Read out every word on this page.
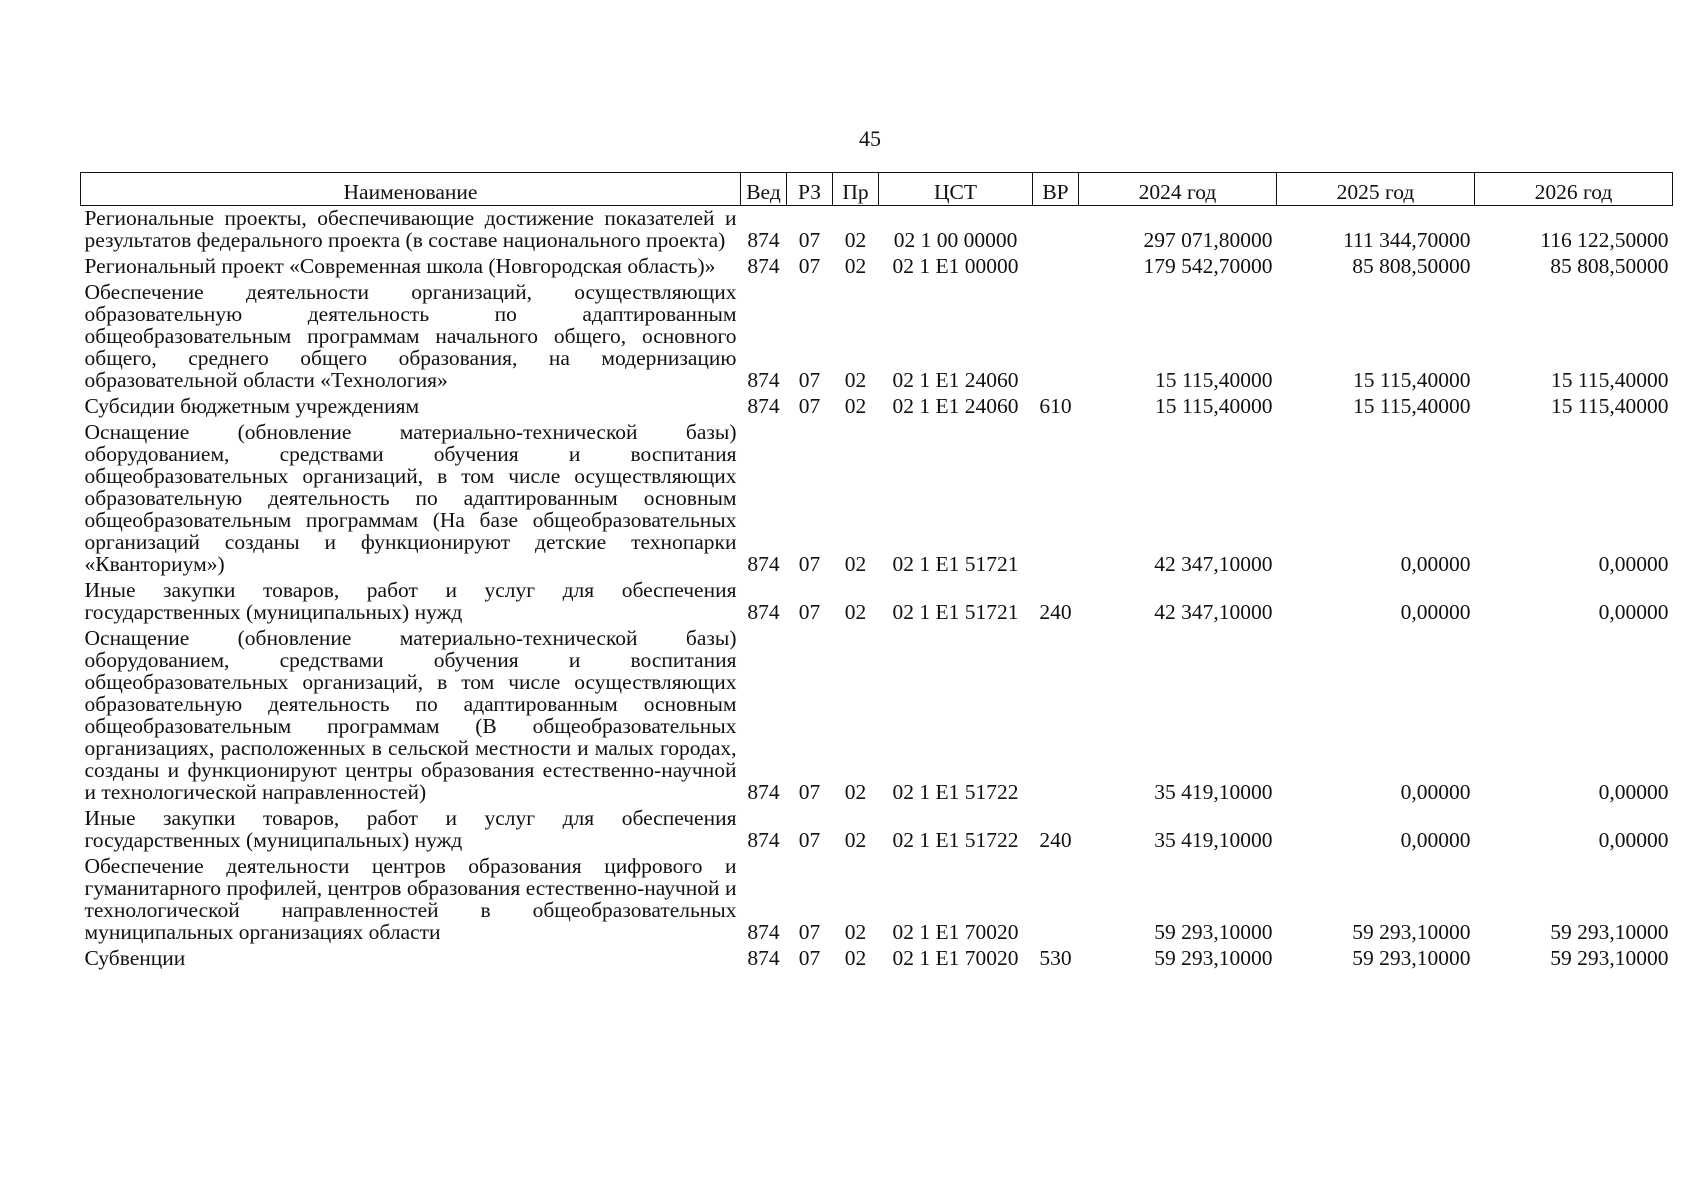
45
Наименование	Вед	РЗ	Пр	ЦСТ	ВР	2024 год	2025 год	2026 год
Региональные проекты, обеспечивающие достижение показателей и результатов федерального проекта (в составе национального проекта)	874	07	02	02 1 00 00000		297 071,80000	111 344,70000	116 122,50000
Региональный проект «Современная школа (Новгородская область)»	874	07	02	02 1 E1 00000		179 542,70000	85 808,50000	85 808,50000
Обеспечение деятельности организаций, осуществляющих образовательную деятельность по адаптированным общеобразовательным программам начального общего, основного общего, среднего общего образования, на модернизацию образовательной области «Технология»	874	07	02	02 1 E1 24060		15 115,40000	15 115,40000	15 115,40000
Субсидии бюджетным учреждениям	874	07	02	02 1 E1 24060	610	15 115,40000	15 115,40000	15 115,40000
Оснащение (обновление материально-технической базы) оборудованием, средствами обучения и воспитания общеобразовательных организаций, в том числе осуществляющих образовательную деятельность по адаптированным основным общеобразовательным программам (На базе общеобразовательных организаций созданы и функционируют детские технопарки «Кванториум»)	874	07	02	02 1 E1 51721		42 347,10000	0,00000	0,00000
Иные закупки товаров, работ и услуг для обеспечения государственных (муниципальных) нужд	874	07	02	02 1 E1 51721	240	42 347,10000	0,00000	0,00000
Оснащение (обновление материально-технической базы) оборудованием, средствами обучения и воспитания общеобразовательных организаций, в том числе осуществляющих образовательную деятельность по адаптированным основным общеобразовательным программам (В общеобразовательных организациях, расположенных в сельской местности и малых городах, созданы и функционируют центры образования естественно-научной и технологической направленностей)	874	07	02	02 1 E1 51722		35 419,10000	0,00000	0,00000
Иные закупки товаров, работ и услуг для обеспечения государственных (муниципальных) нужд	874	07	02	02 1 E1 51722	240	35 419,10000	0,00000	0,00000
Обеспечение деятельности центров образования цифрового и гуманитарного профилей, центров образования естественно-научной и технологической направленностей в общеобразовательных муниципальных организациях области	874	07	02	02 1 E1 70020		59 293,10000	59 293,10000	59 293,10000
Субвенции	874	07	02	02 1 E1 70020	530	59 293,10000	59 293,10000	59 293,10000
